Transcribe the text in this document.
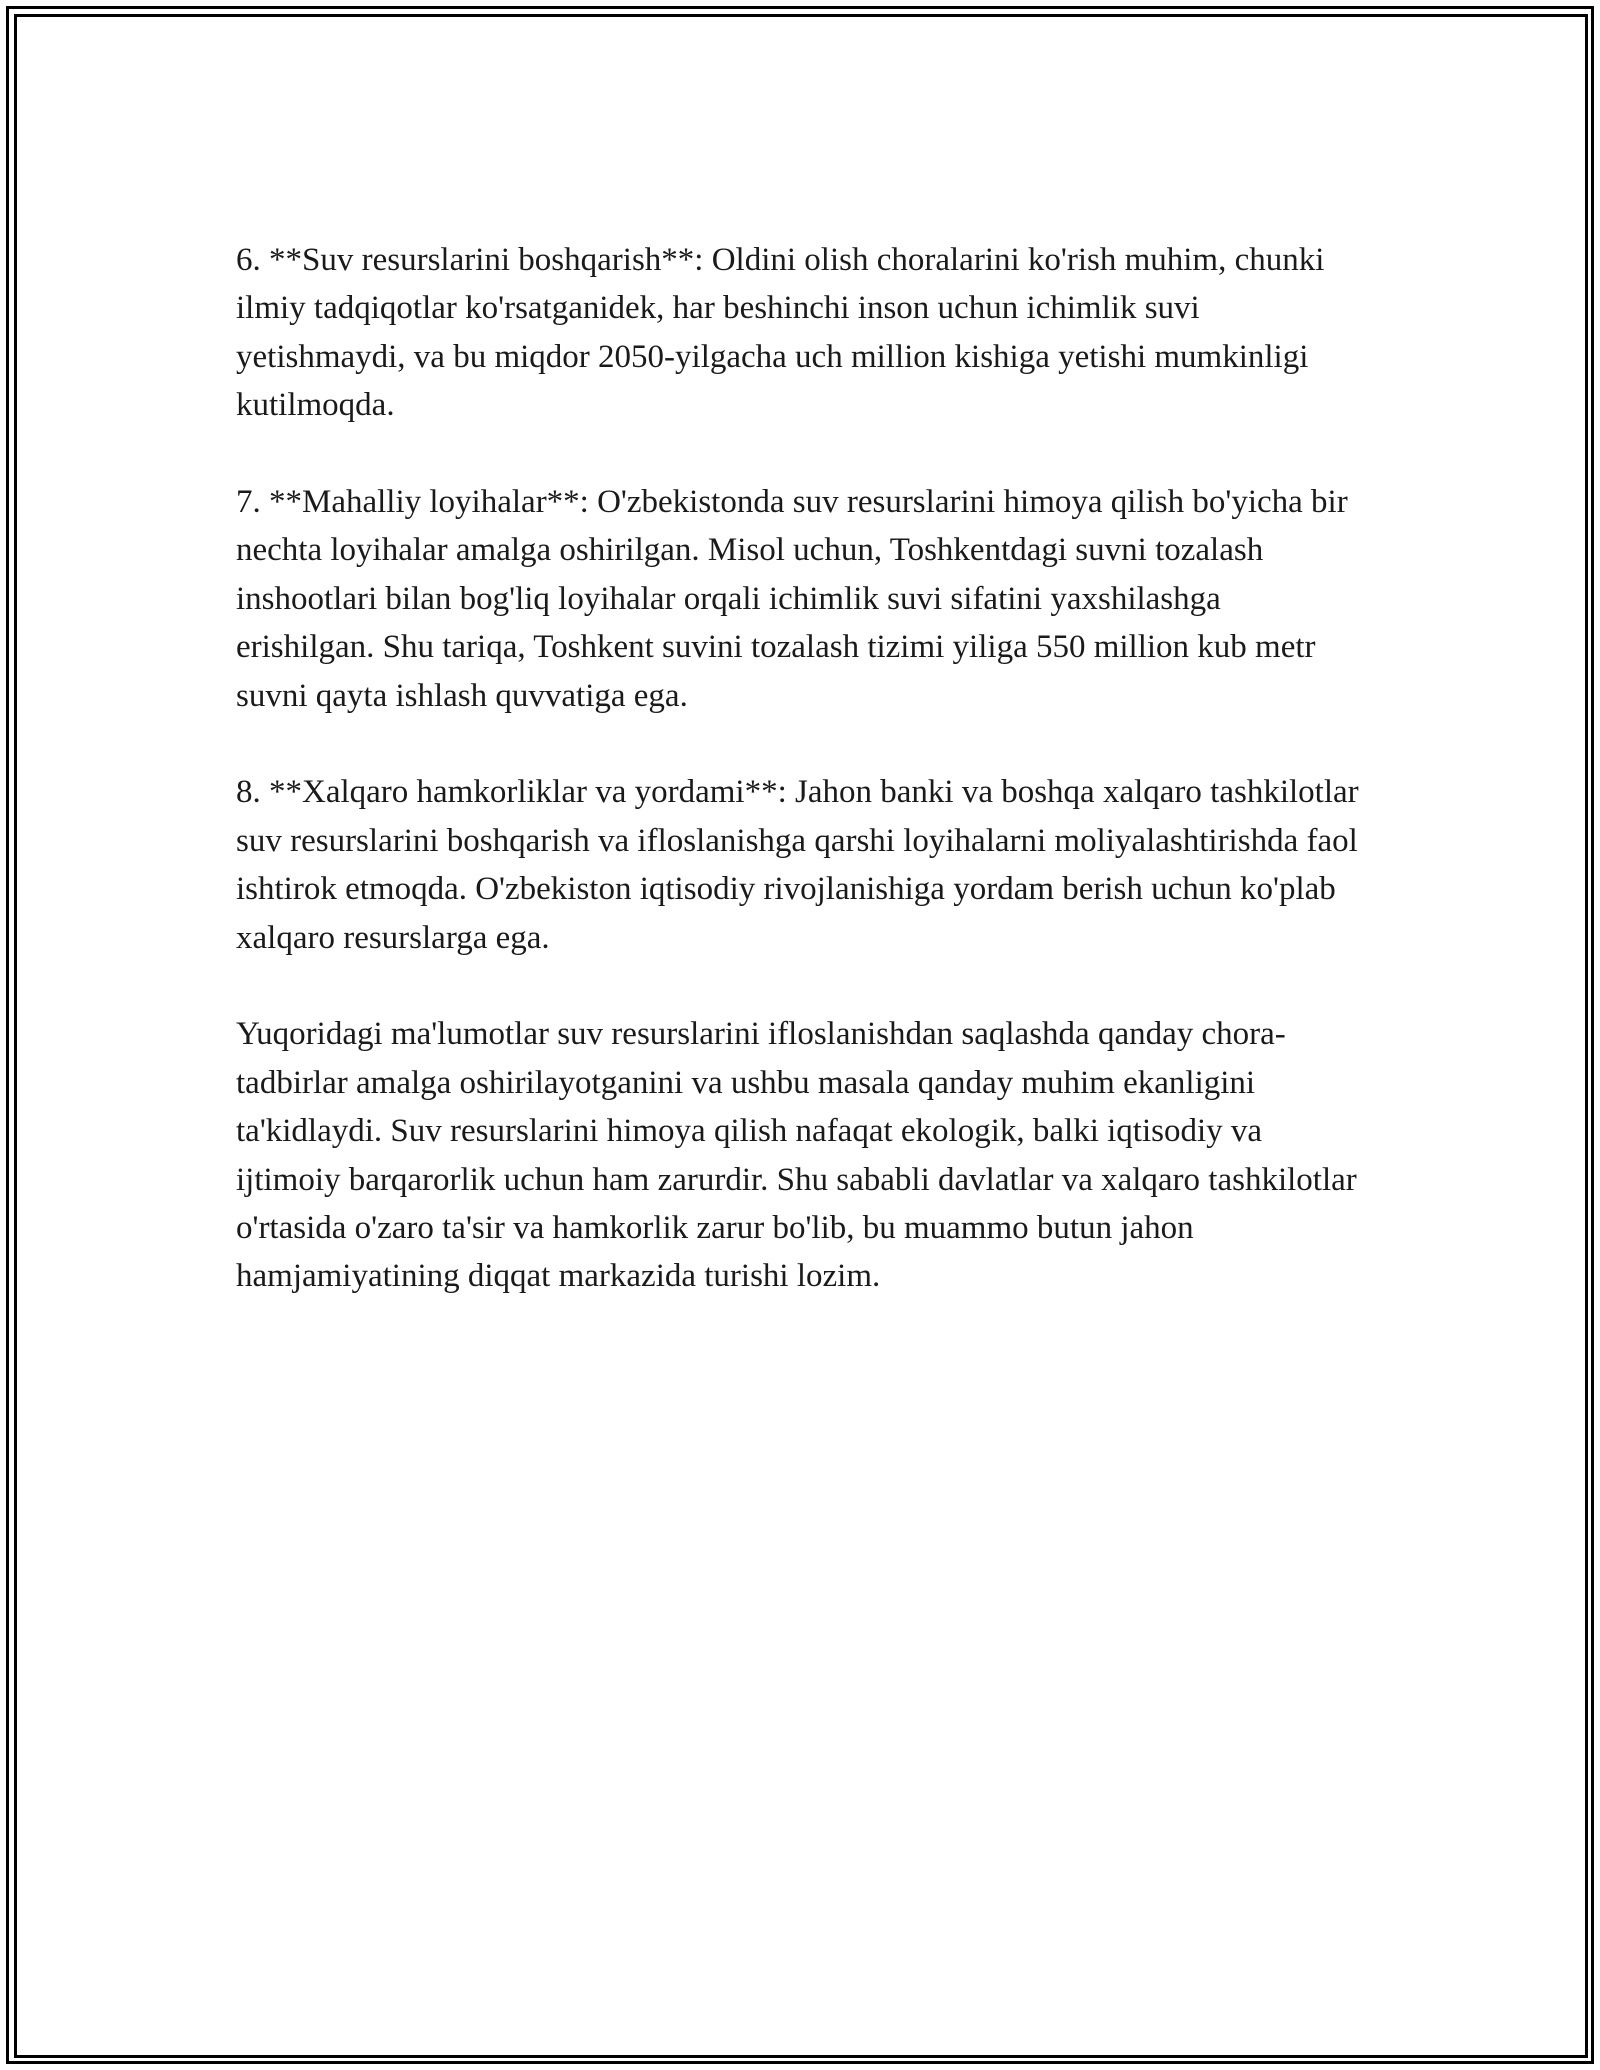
6. **Suv resurslarini boshqarish**: Oldini olish choralarini ko'rish muhim, chunki ilmiy tadqiqotlar ko'rsatganidek, har beshinchi inson uchun ichimlik suvi yetishmaydi, va bu miqdor 2050-yilgacha uch million kishiga yetishi mumkinligi kutilmoqda.

7. **Mahalliy loyihalar**: O'zbekistonda suv resurslarini himoya qilish bo'yicha bir nechta loyihalar amalga oshirilgan. Misol uchun, Toshkentdagi suvni tozalash inshootlari bilan bog'liq loyihalar orqali ichimlik suvi sifatini yaxshilashga erishilgan. Shu tariqa, Toshkent suvini tozalash tizimi yiliga 550 million kub metr suvni qayta ishlash quvvatiga ega.

8. **Xalqaro hamkorliklar va yordami**: Jahon banki va boshqa xalqaro tashkilotlar suv resurslarini boshqarish va ifloslanishga qarshi loyihalarni moliyalashtirishda faol ishtirok etmoqda. O'zbekiston iqtisodiy rivojlanishiga yordam berish uchun ko'plab xalqaro resurslarga ega.

Yuqoridagi ma'lumotlar suv resurslarini ifloslanishdan saqlashda qanday chora-tadbirlar amalga oshirilayotganini va ushbu masala qanday muhim ekanligini ta'kidlaydi. Suv resurslarini himoya qilish nafaqat ekologik, balki iqtisodiy va ijtimoiy barqarorlik uchun ham zarurdir. Shu sababli davlatlar va xalqaro tashkilotlar o'rtasida o'zaro ta'sir va hamkorlik zarur bo'lib, bu muammo butun jahon hamjamiyatining diqqat markazida turishi lozim.
